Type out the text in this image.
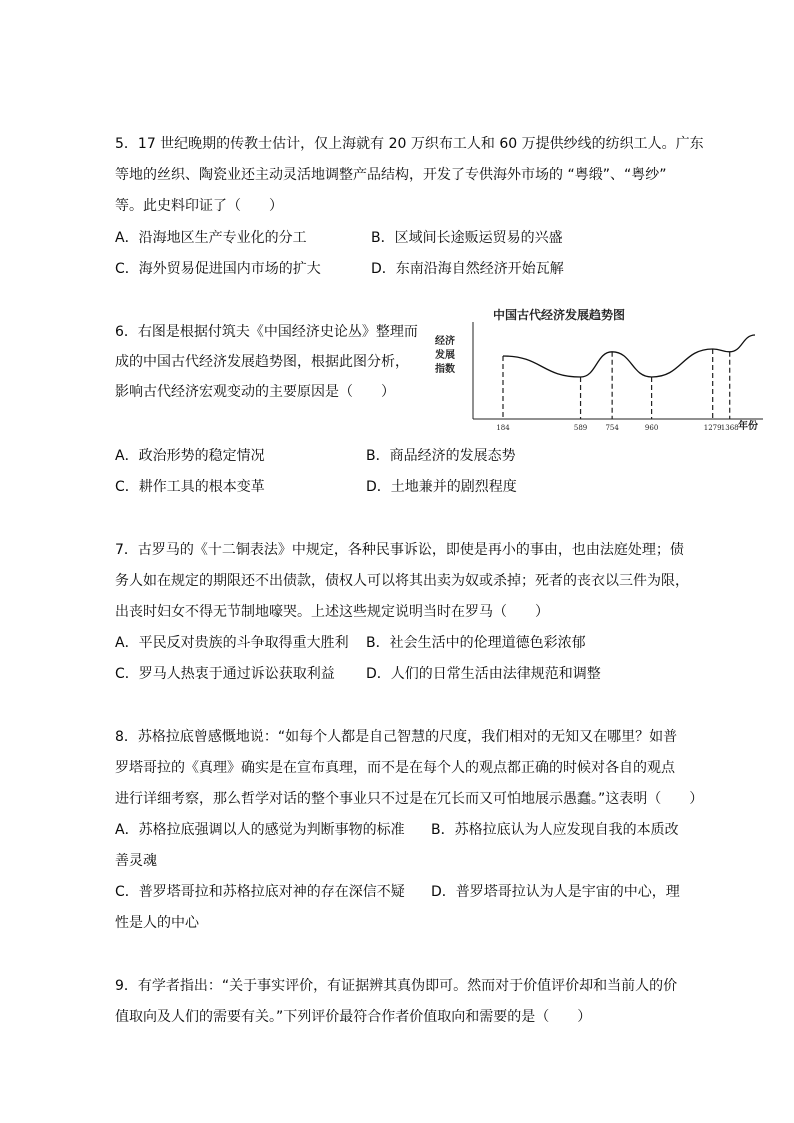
5．17 世纪晚期的传教士估计，仅上海就有 20 万织布工人和 60 万提供纱线的纺织工人。广东
等地的丝织、陶瓷业还主动灵活地调整产品结构，开发了专供海外市场的 “粤缎”、“粤纱”
等。此史料印证了（　　）
A．沿海地区生产专业化的分工	B．区域间长途贩运贸易的兴盛
C．海外贸易促进国内市场的扩大	D．东南沿海自然经济开始瓦解
6．右图是根据付筑夫《中国经济史论丛》整理而
成的中国古代经济发展趋势图，根据此图分析，
影响古代经济宏观变动的主要原因是（　　）
中国古代经济发展趋势图
经济
发展
指数
年份
184	589	754	960	1279 1368
A．政治形势的稳定情况	B．商品经济的发展态势
C．耕作工具的根本变革	D．土地兼并的剧烈程度
7．古罗马的《十二铜表法》中规定，各种民事诉讼，即使是再小的事由，也由法庭处理；债
务人如在规定的期限还不出债款，债权人可以将其出卖为奴或杀掉；死者的丧衣以三件为限，
出丧时妇女不得无节制地嚎哭。上述这些规定说明当时在罗马（　　）
A．平民反对贵族的斗争取得重大胜利 B．社会生活中的伦理道德色彩浓郁
C．罗马人热衷于通过诉讼获取利益 D．人们的日常生活由法律规范和调整
8．苏格拉底曾感慨地说：“如每个人都是自己智慧的尺度，我们相对的无知又在哪里？如普
罗塔哥拉的《真理》确实是在宣布真理，而不是在每个人的观点都正确的时候对各自的观点
进行详细考察，那么哲学对话的整个事业只不过是在冗长而又可怕地展示愚蠢。”这表明（　　）
A．苏格拉底强调以人的感觉为判断事物的标准 B．苏格拉底认为人应发现自我的本质改
善灵魂
C．普罗塔哥拉和苏格拉底对神的存在深信不疑 D．普罗塔哥拉认为人是宇宙的中心，理
性是人的中心
9．有学者指出：“关于事实评价，有证据辨其真伪即可。然而对于价值评价却和当前人的价
值取向及人们的需要有关。”下列评价最符合作者价值取向和需要的是（　　）
